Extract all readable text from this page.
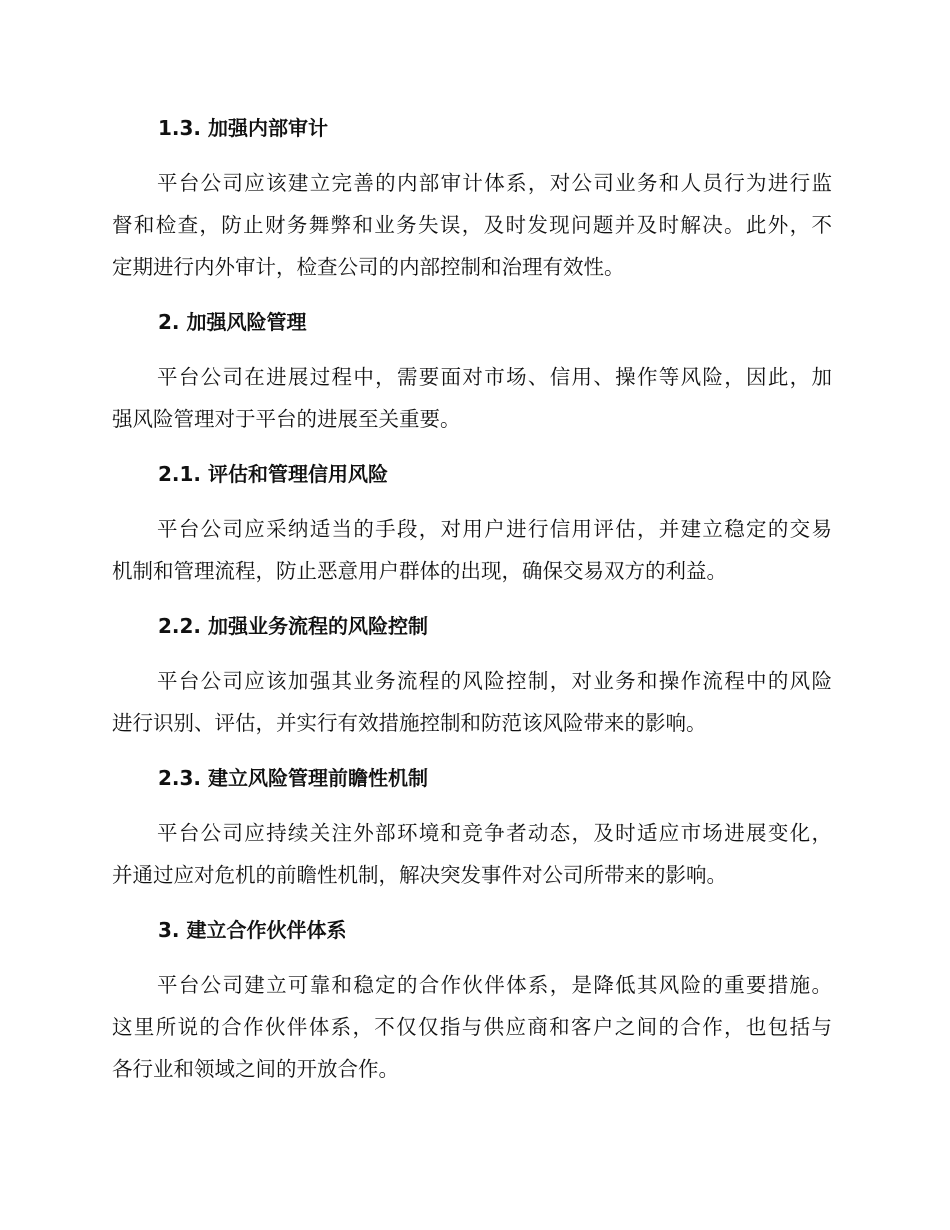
1.3. 加强内部审计
平台公司应该建立完善的内部审计体系，对公司业务和人员行为进行监
督和检查，防止财务舞弊和业务失误，及时发现问题并及时解决。此外，不
定期进行内外审计，检查公司的内部控制和治理有效性。
2. 加强风险管理
平台公司在进展过程中，需要面对市场、信用、操作等风险，因此，加
强风险管理对于平台的进展至关重要。
2.1. 评估和管理信用风险
平台公司应采纳适当的手段，对用户进行信用评估，并建立稳定的交易
机制和管理流程，防止恶意用户群体的出现，确保交易双方的利益。
2.2. 加强业务流程的风险控制
平台公司应该加强其业务流程的风险控制，对业务和操作流程中的风险
进行识别、评估，并实行有效措施控制和防范该风险带来的影响。
2.3. 建立风险管理前瞻性机制
平台公司应持续关注外部环境和竞争者动态，及时适应市场进展变化，
并通过应对危机的前瞻性机制，解决突发事件对公司所带来的影响。
3. 建立合作伙伴体系
平台公司建立可靠和稳定的合作伙伴体系，是降低其风险的重要措施。
这里所说的合作伙伴体系，不仅仅指与供应商和客户之间的合作，也包括与
各行业和领域之间的开放合作。
